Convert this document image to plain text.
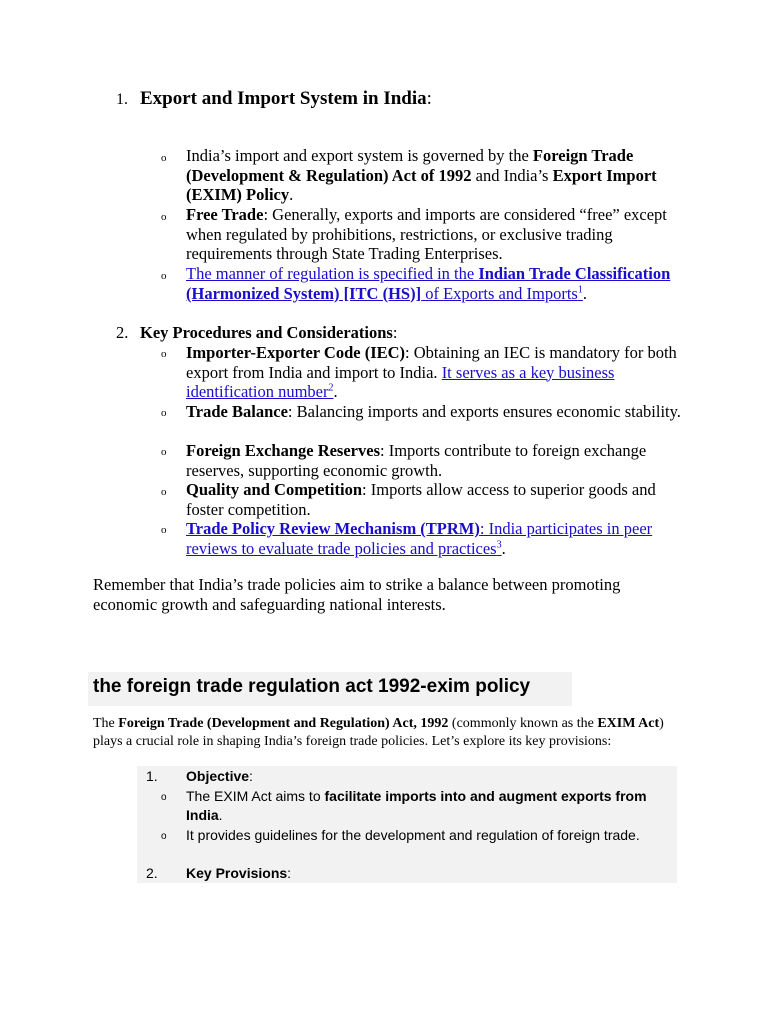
1. Export and Import System in India:
o India’s import and export system is governed by the Foreign Trade (Development & Regulation) Act of 1992 and India’s Export Import (EXIM) Policy.
o Free Trade: Generally, exports and imports are considered “free” except when regulated by prohibitions, restrictions, or exclusive trading requirements through State Trading Enterprises.
o The manner of regulation is specified in the Indian Trade Classification (Harmonized System) [ITC (HS)] of Exports and Imports$^1$.
2. Key Procedures and Considerations:
o Importer-Exporter Code (IEC): Obtaining an IEC is mandatory for both export from India and import to India. It serves as a key business identification number$^2$.
o Trade Balance: Balancing imports and exports ensures economic stability.
o Foreign Exchange Reserves: Imports contribute to foreign exchange reserves, supporting economic growth.
o Quality and Competition: Imports allow access to superior goods and foster competition.
o Trade Policy Review Mechanism (TPRM): India participates in peer reviews to evaluate trade policies and practices$^3$.
Remember that India’s trade policies aim to strike a balance between promoting economic growth and safeguarding national interests.
the foreign trade regulation act 1992-exim policy
The Foreign Trade (Development and Regulation) Act, 1992 (commonly known as the EXIM Act) plays a crucial role in shaping India’s foreign trade policies. Let’s explore its key provisions:
1. Objective:
o The EXIM Act aims to facilitate imports into and augment exports from India.
o It provides guidelines for the development and regulation of foreign trade.
2. Key Provisions:
